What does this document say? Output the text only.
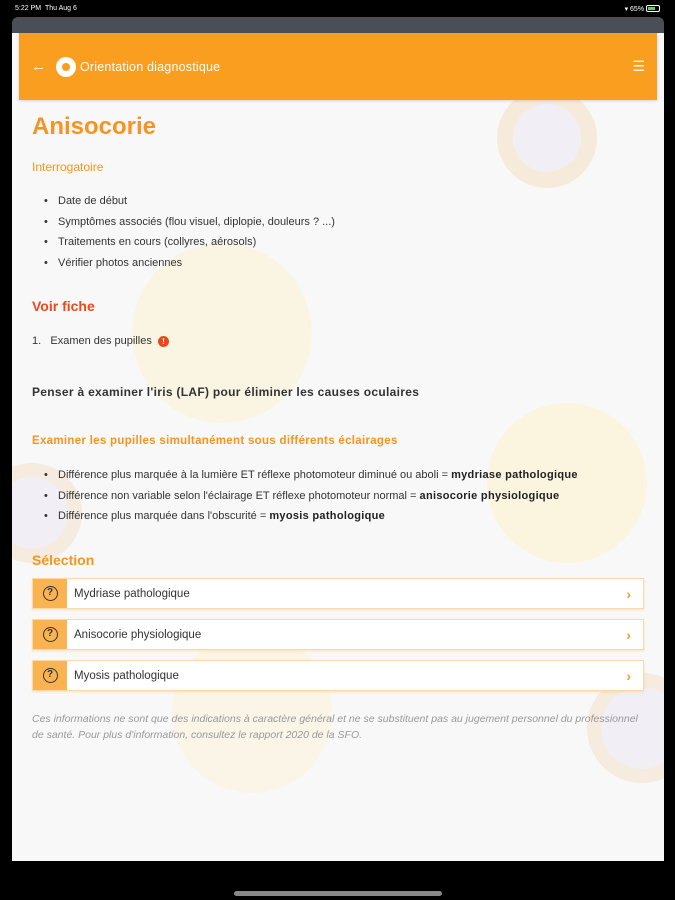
5:22 PM Thu Aug 6	▾ 65%
←	Orientation diagnostique	☰
Anisocorie
Interrogatoire
• Date de début
• Symptômes associés (flou visuel, diplopie, douleurs ? ...)
• Traitements en cours (collyres, aérosols)
• Vérifier photos anciennes
Voir fiche
1. Examen des pupilles !
Penser à examiner l'iris (LAF) pour éliminer les causes oculaires
Examiner les pupilles simultanément sous différents éclairages
• Différence plus marquée à la lumière ET réflexe photomoteur diminué ou aboli = mydriase pathologique
• Différence non variable selon l'éclairage ET réflexe photomoteur normal = anisocorie physiologique
• Différence plus marquée dans l'obscurité = myosis pathologique
Sélection
?	Mydriase pathologique	›
?	Anisocorie physiologique	›
?	Myosis pathologique	›
Ces informations ne sont que des indications à caractère général et ne se substituent pas au jugement personnel du professionnel de santé. Pour plus d'information, consultez le rapport 2020 de la SFO.
